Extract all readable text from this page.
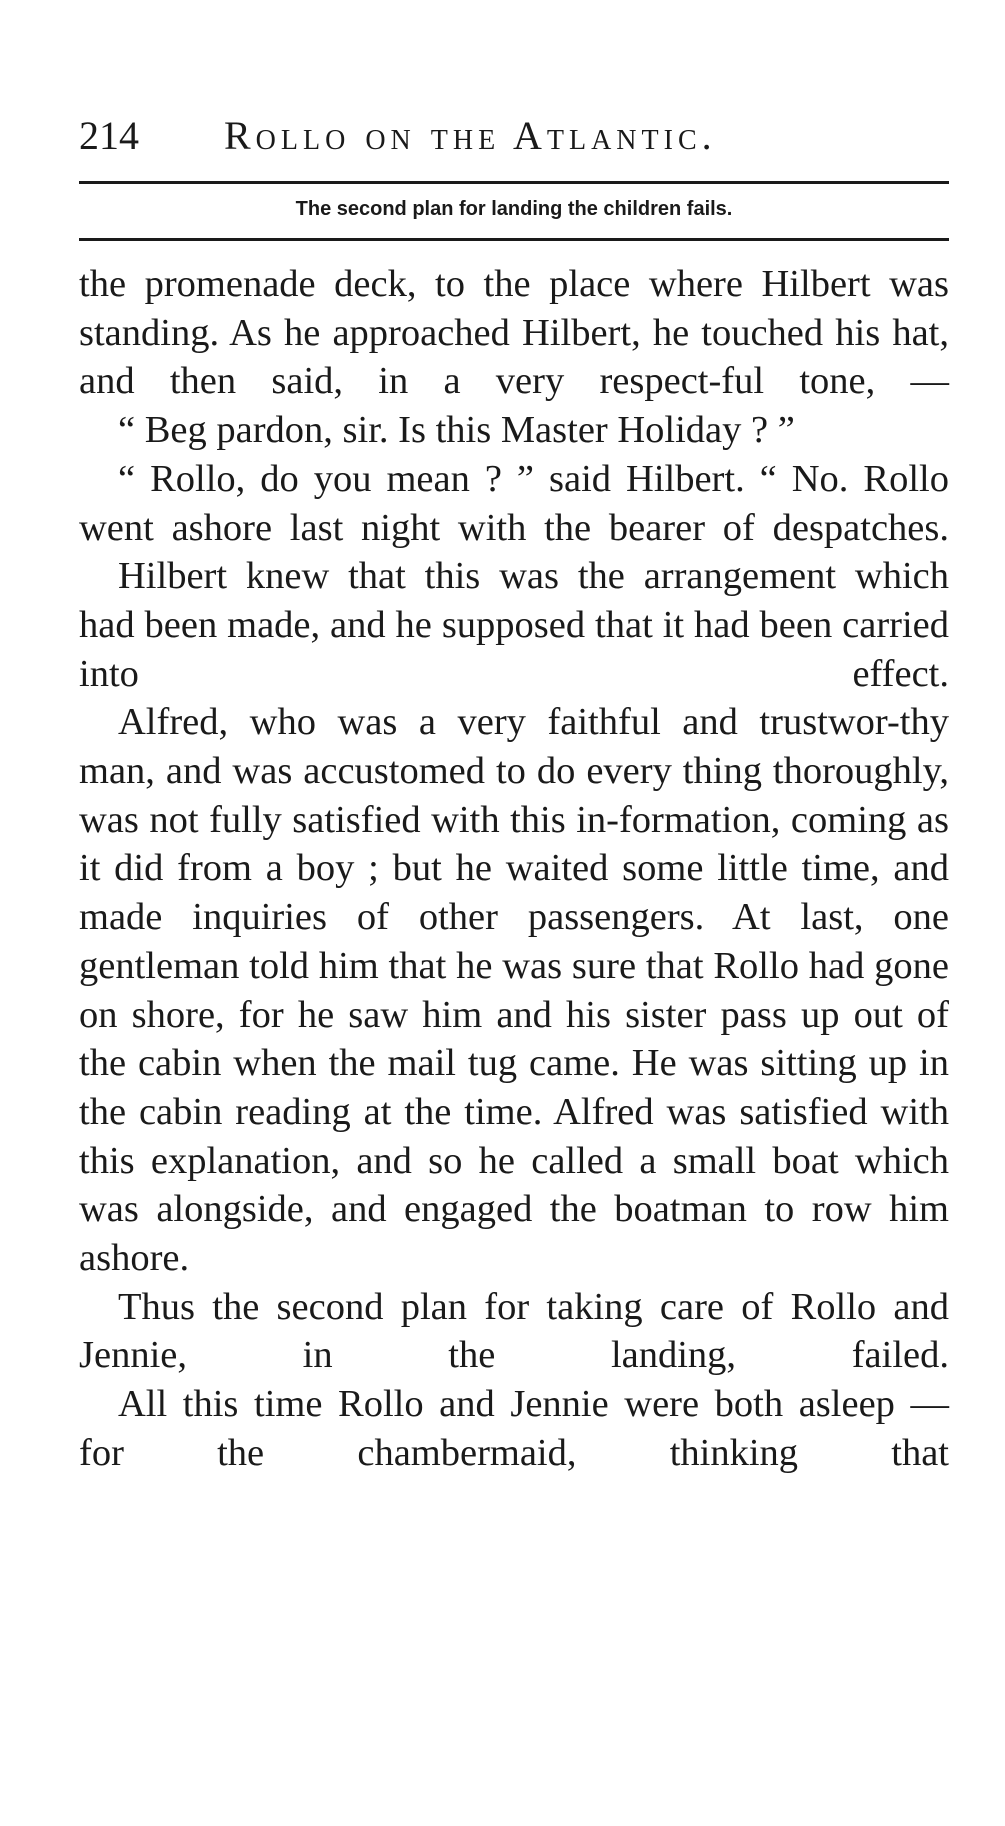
214 Rollo on the Atlantic.
The second plan for landing the children fails.

the promenade deck, to the place where Hilbert was standing. As he approached Hilbert, he touched his hat, and then said, in a very respect-ful tone, —

“ Beg pardon, sir. Is this Master Holiday ? ”

“ Rollo, do you mean ? ” said Hilbert. “ No. Rollo went ashore last night with the bearer of despatches.

Hilbert knew that this was the arrangement which had been made, and he supposed that it had been carried into effect.

Alfred, who was a very faithful and trustwor-thy man, and was accustomed to do every thing thoroughly, was not fully satisfied with this in-formation, coming as it did from a boy ; but he waited some little time, and made inquiries of other passengers. At last, one gentleman told him that he was sure that Rollo had gone on shore, for he saw him and his sister pass up out of the cabin when the mail tug came. He was sitting up in the cabin reading at the time. Alfred was satisfied with this explanation, and so he called a small boat which was alongside, and engaged the boatman to row him ashore.

Thus the second plan for taking care of Rollo and Jennie, in the landing, failed.

All this time Rollo and Jennie were both asleep — for the chambermaid, thinking that
